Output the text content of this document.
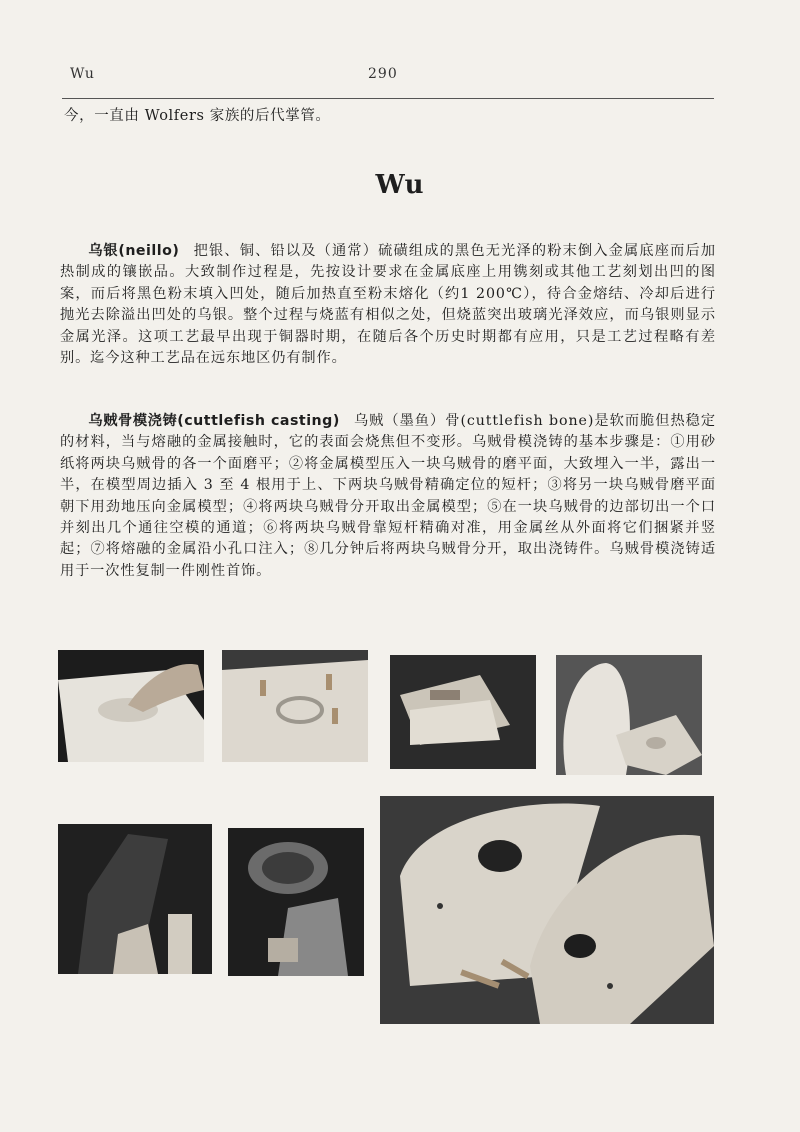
Wu	290
今，一直由 Wolfers 家族的后代掌管。
Wu

乌银(neillo) 把银、铜、铅以及（通常）硫磺组成的黑色无光泽的粉末倒入金属底座而后加热制成的镶嵌品。大致制作过程是，先按设计要求在金属底座上用镌刻或其他工艺刻划出凹的图案，而后将黑色粉末填入凹处，随后加热直至粉末熔化（约1 200℃），待合金熔结、冷却后进行抛光去除溢出凹处的乌银。整个过程与烧蓝有相似之处，但烧蓝突出玻璃光泽效应，而乌银则显示金属光泽。这项工艺最早出现于铜器时期，在随后各个历史时期都有应用，只是工艺过程略有差别。迄今这种工艺品在远东地区仍有制作。

乌贼骨模浇铸(cuttlefish casting) 乌贼（墨鱼）骨(cuttlefish bone)是软而脆但热稳定的材料，当与熔融的金属接触时，它的表面会烧焦但不变形。乌贼骨模浇铸的基本步骤是：①用砂纸将两块乌贼骨的各一个面磨平；②将金属模型压入一块乌贼骨的磨平面，大致埋入一半，露出一半，在模型周边插入 3 至 4 根用于上、下两块乌贼骨精确定位的短杆；③将另一块乌贼骨磨平面朝下用劲地压向金属模型；④将两块乌贼骨分开取出金属模型；⑤在一块乌贼骨的边部切出一个口并刻出几个通往空模的通道；⑥将两块乌贼骨靠短杆精确对准，用金属丝从外面将它们捆紧并竖起；⑦将熔融的金属沿小孔口注入；⑧几分钟后将两块乌贼骨分开，取出浇铸件。乌贼骨模浇铸适用于一次性复制一件刚性首饰。
